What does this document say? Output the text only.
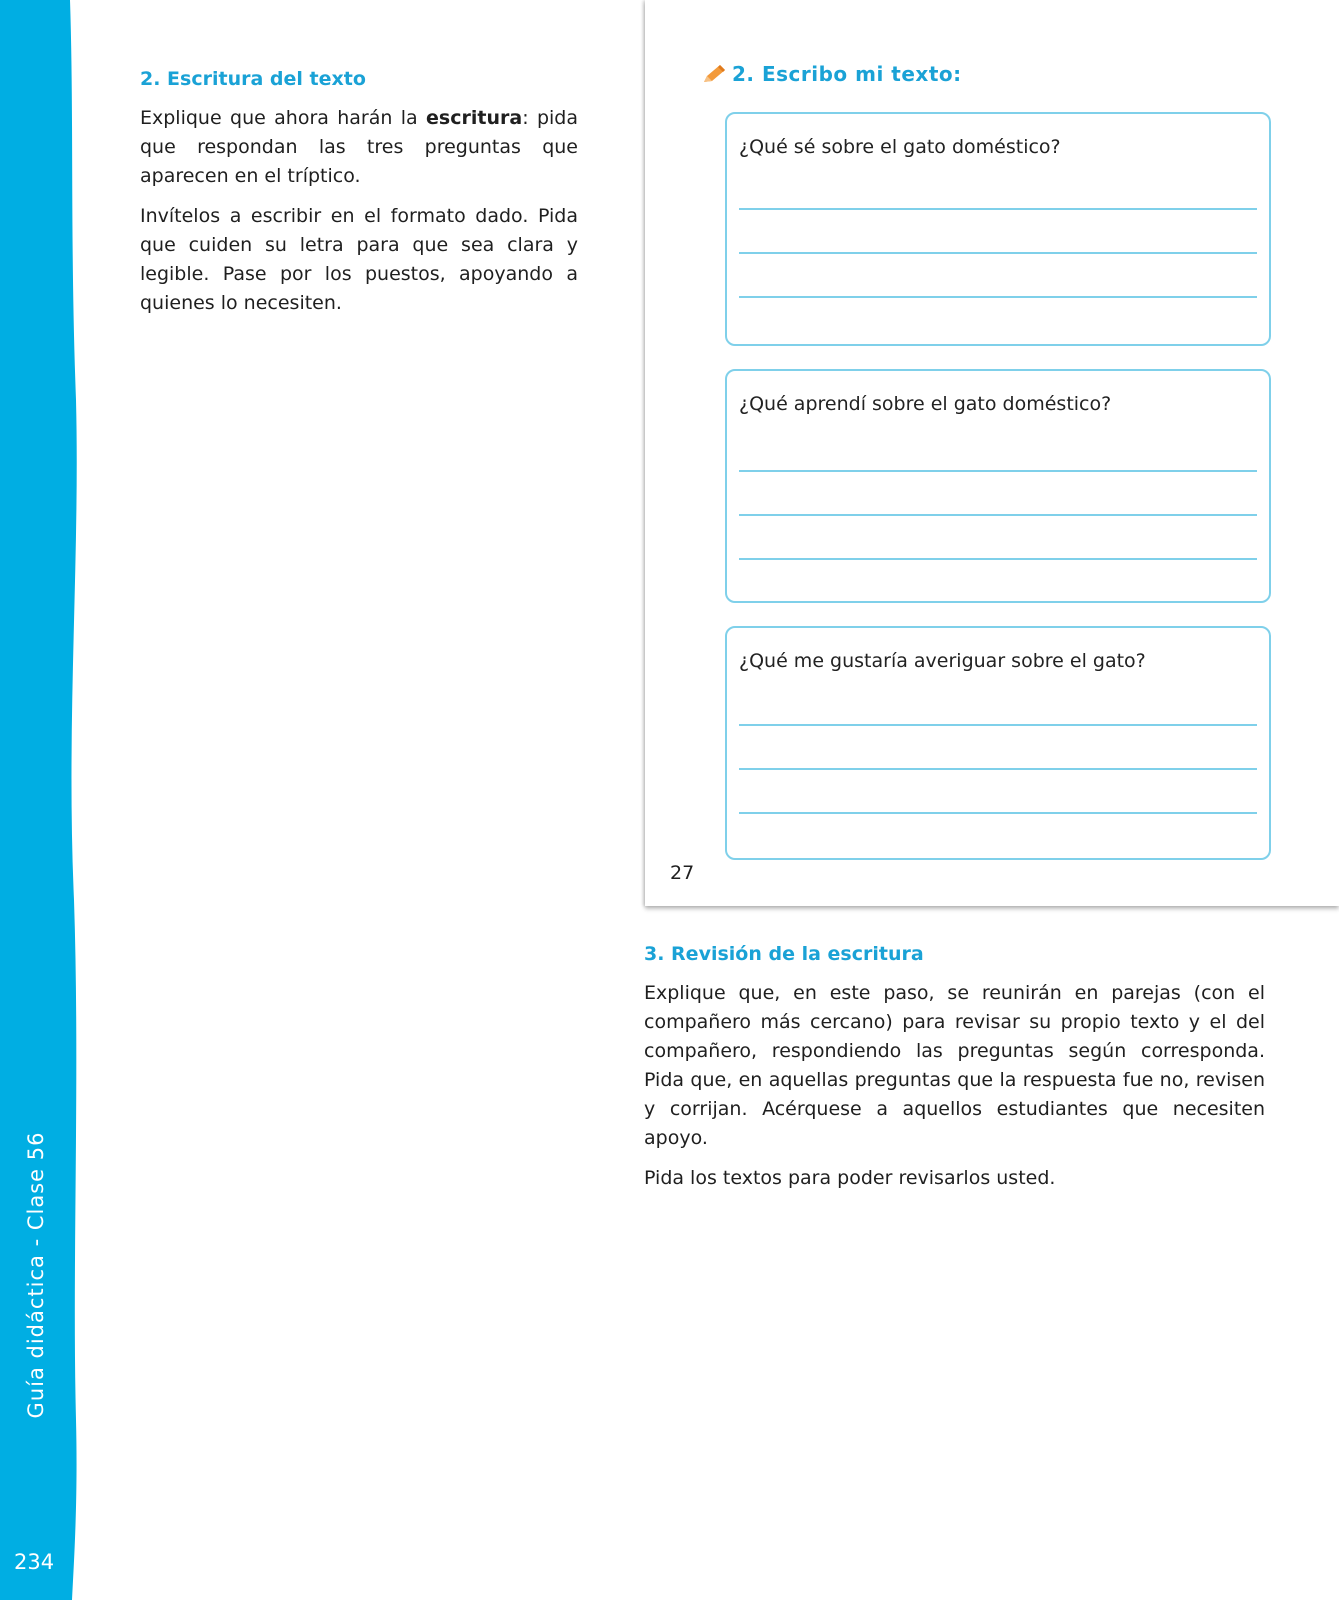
Guía didáctica - Clase 56
234
2. Escritura del texto

Explique que ahora harán la escritura: pida que respondan las tres preguntas que aparecen en el tríptico.

Invítelos a escribir en el formato dado. Pida que cuiden su letra para que sea clara y legible. Pase por los puestos, apoyando a quienes lo necesiten.

2. Escribo mi texto:
¿Qué sé sobre el gato doméstico?
¿Qué aprendí sobre el gato doméstico?
¿Qué me gustaría averiguar sobre el gato?
27
3. Revisión de la escritura

Explique que, en este paso, se reunirán en parejas (con el compañero más cercano) para revisar su propio texto y el del compañero, respondiendo las preguntas según corresponda. Pida que, en aquellas preguntas que la respuesta fue no, revisen y corrijan. Acérquese a aquellos estudiantes que necesiten apoyo.

Pida los textos para poder revisarlos usted.
